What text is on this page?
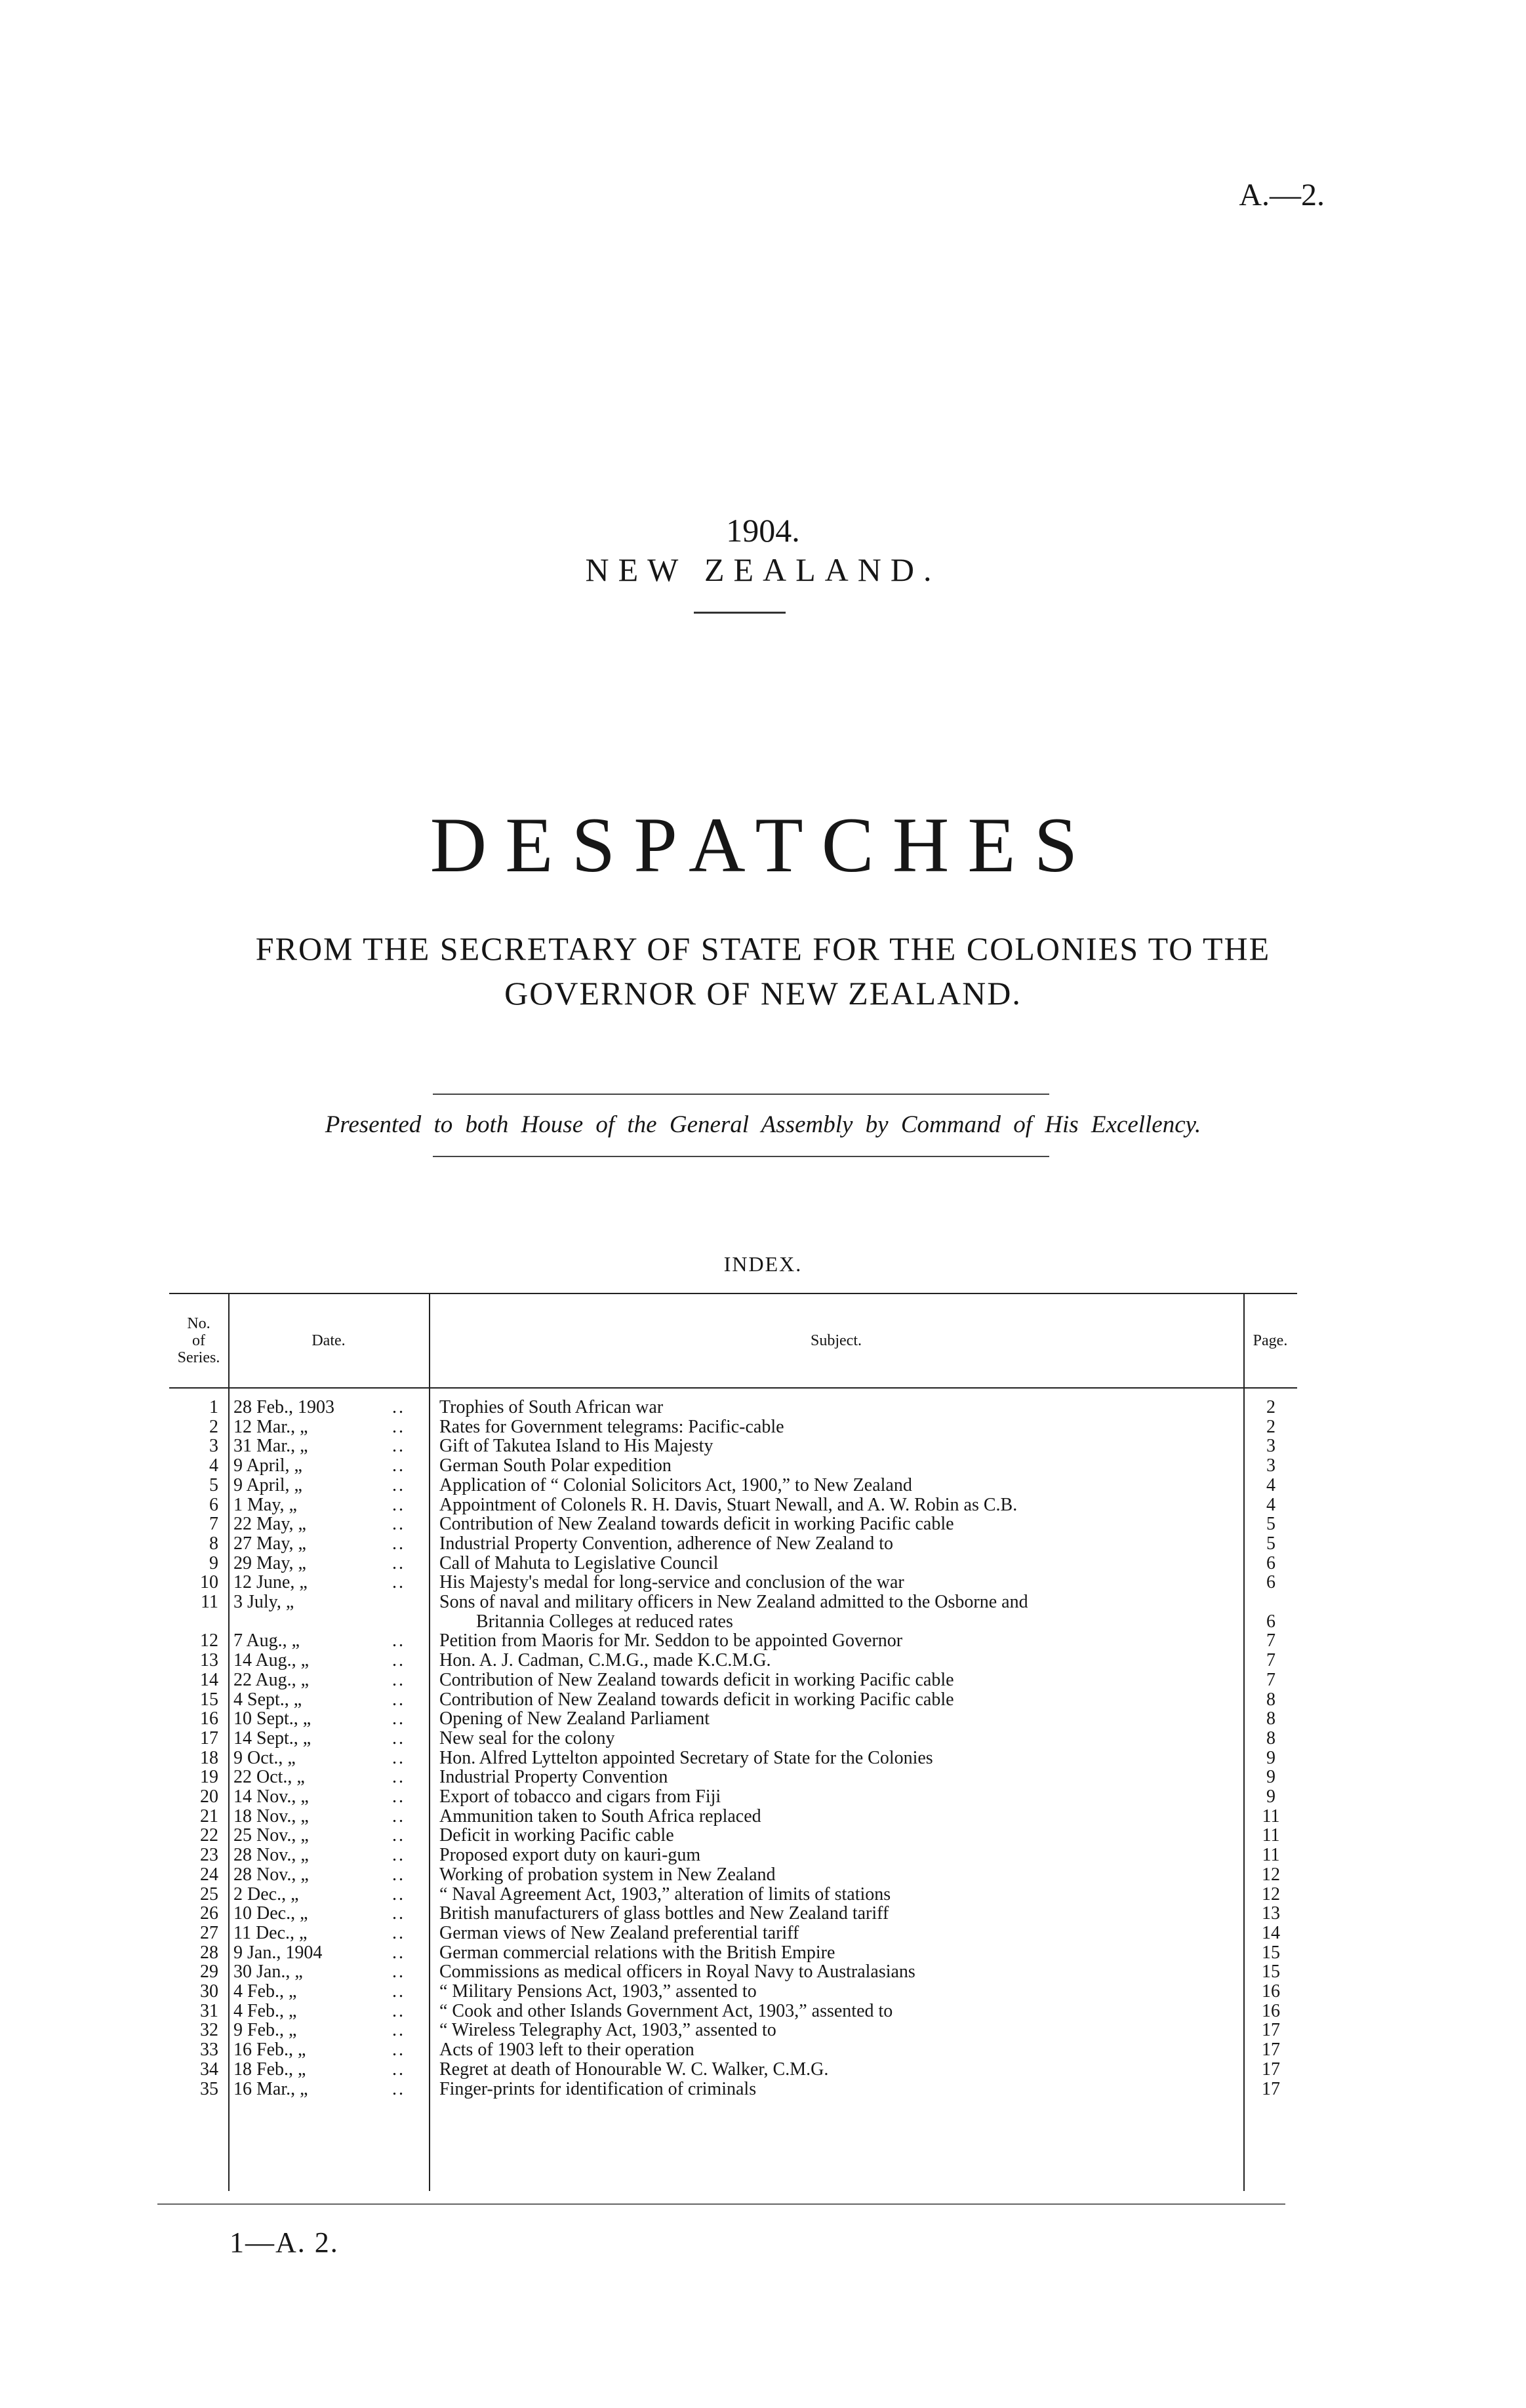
A.—2.
1904.
NEW ZEALAND.
DESPATCHES
FROM THE SECRETARY OF STATE FOR THE COLONIES TO THE
GOVERNOR OF NEW ZEALAND.
Presented to both House of the General Assembly by Command of His Excellency.
INDEX.
No.
of
Series.
Date.	Subject.	Page.
1 28 Feb., 1903	..	Trophies of South African war	2
2 12 Mar., „	..	Rates for Government telegrams: Pacific-cable	2
3 31 Mar., „	..	Gift of Takutea Island to His Majesty	3
4 9 April, „	..	German South Polar expedition	3
5 9 April, „	..	Application of “ Colonial Solicitors Act, 1900,” to New Zealand	4
6 1 May, „	..	Appointment of Colonels R. H. Davis, Stuart Newall, and A. W. Robin as C.B.	4
7 22 May, „	..	Contribution of New Zealand towards deficit in working Pacific cable	5
8 27 May, „	..	Industrial Property Convention, adherence of New Zealand to	5
9 29 May, „	..	Call of Mahuta to Legislative Council	6
10 12 June, „	..	His Majesty's medal for long-service and conclusion of the war	6
11 3 July, „	Sons of naval and military officers in New Zealand admitted to the Osborne and
Britannia Colleges at reduced rates	6
12 7 Aug., „	..	Petition from Maoris for Mr. Seddon to be appointed Governor	7
13 14 Aug., „	..	Hon. A. J. Cadman, C.M.G., made K.C.M.G.	7
14 22 Aug., „	..	Contribution of New Zealand towards deficit in working Pacific cable	7
15 4 Sept., „	..	Contribution of New Zealand towards deficit in working Pacific cable	8
16 10 Sept., „	..	Opening of New Zealand Parliament	8
17 14 Sept., „	..	New seal for the colony	8
18 9 Oct., „	..	Hon. Alfred Lyttelton appointed Secretary of State for the Colonies	9
19 22 Oct., „	..	Industrial Property Convention	9
20 14 Nov., „	..	Export of tobacco and cigars from Fiji	9
21 18 Nov., „	..	Ammunition taken to South Africa replaced	11
22 25 Nov., „	..	Deficit in working Pacific cable	11
23 28 Nov., „	..	Proposed export duty on kauri-gum	11
24 28 Nov., „	..	Working of probation system in New Zealand	12
25 2 Dec., „	..	“ Naval Agreement Act, 1903,” alteration of limits of stations	12
26 10 Dec., „	..	British manufacturers of glass bottles and New Zealand tariff	13
27 11 Dec., „	..	German views of New Zealand preferential tariff	14
28 9 Jan., 1904	..	German commercial relations with the British Empire	15
29 30 Jan., „	..	Commissions as medical officers in Royal Navy to Australasians	15
30 4 Feb., „	..	“ Military Pensions Act, 1903,” assented to	16
31 4 Feb., „	..	“ Cook and other Islands Government Act, 1903,” assented to	16
32 9 Feb., „	..	“ Wireless Telegraphy Act, 1903,” assented to	17
33 16 Feb., „	..	Acts of 1903 left to their operation	17
34 18 Feb., „	..	Regret at death of Honourable W. C. Walker, C.M.G.	17
35 16 Mar., „	..	Finger-prints for identification of criminals	17
1—A. 2.
